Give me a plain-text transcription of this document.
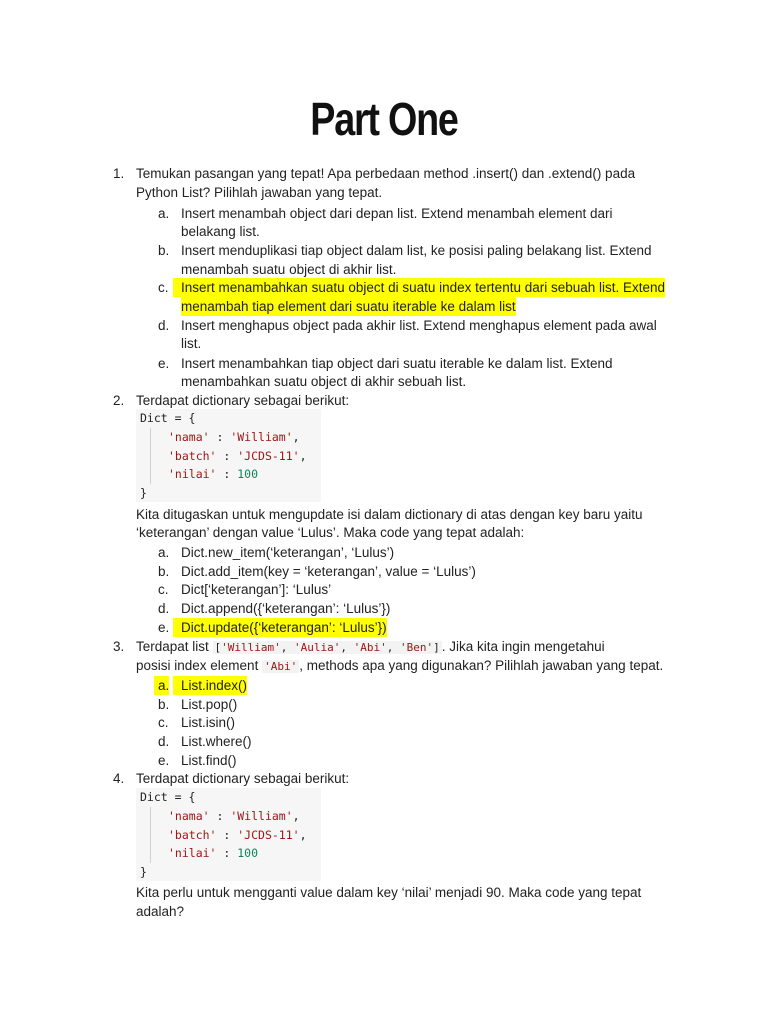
Part One
1. Temukan pasangan yang tepat! Apa perbedaan method .insert() dan .extend() pada
Python List? Pilihlah jawaban yang tepat.
a. Insert menambah object dari depan list. Extend menambah element dari
belakang list.
b. Insert menduplikasi tiap object dalam list, ke posisi paling belakang list. Extend
menambah suatu object di akhir list.
c. Insert menambahkan suatu object di suatu index tertentu dari sebuah list. Extend
menambah tiap element dari suatu iterable ke dalam list
d. Insert menghapus object pada akhir list. Extend menghapus element pada awal
list.
e. Insert menambahkan tiap object dari suatu iterable ke dalam list. Extend
menambahkan suatu object di akhir sebuah list.
2. Terdapat dictionary sebagai berikut:
Dict = {
'nama' : 'William',
'batch' : 'JCDS-11',
'nilai' : 100
}
Kita ditugaskan untuk mengupdate isi dalam dictionary di atas dengan key baru yaitu
‘keterangan’ dengan value ‘Lulus’. Maka code yang tepat adalah:
a. Dict.new_item(‘keterangan’, ‘Lulus’)
b. Dict.add_item(key = ‘keterangan’, value = ‘Lulus’)
c. Dict[‘keterangan’]: ‘Lulus’
d. Dict.append({‘keterangan’: ‘Lulus’})
e. Dict.update({‘keterangan’: ‘Lulus’})
3. Terdapat list ['William', 'Aulia', 'Abi', 'Ben'] . Jika kita ingin mengetahui
posisi index element 'Abi' , methods apa yang digunakan? Pilihlah jawaban yang tepat.
a. List.index()
b. List.pop()
c. List.isin()
d. List.where()
e. List.find()
4. Terdapat dictionary sebagai berikut:
Dict = {
'nama' : 'William',
'batch' : 'JCDS-11',
'nilai' : 100
}
Kita perlu untuk mengganti value dalam key ‘nilai’ menjadi 90. Maka code yang tepat
adalah?
